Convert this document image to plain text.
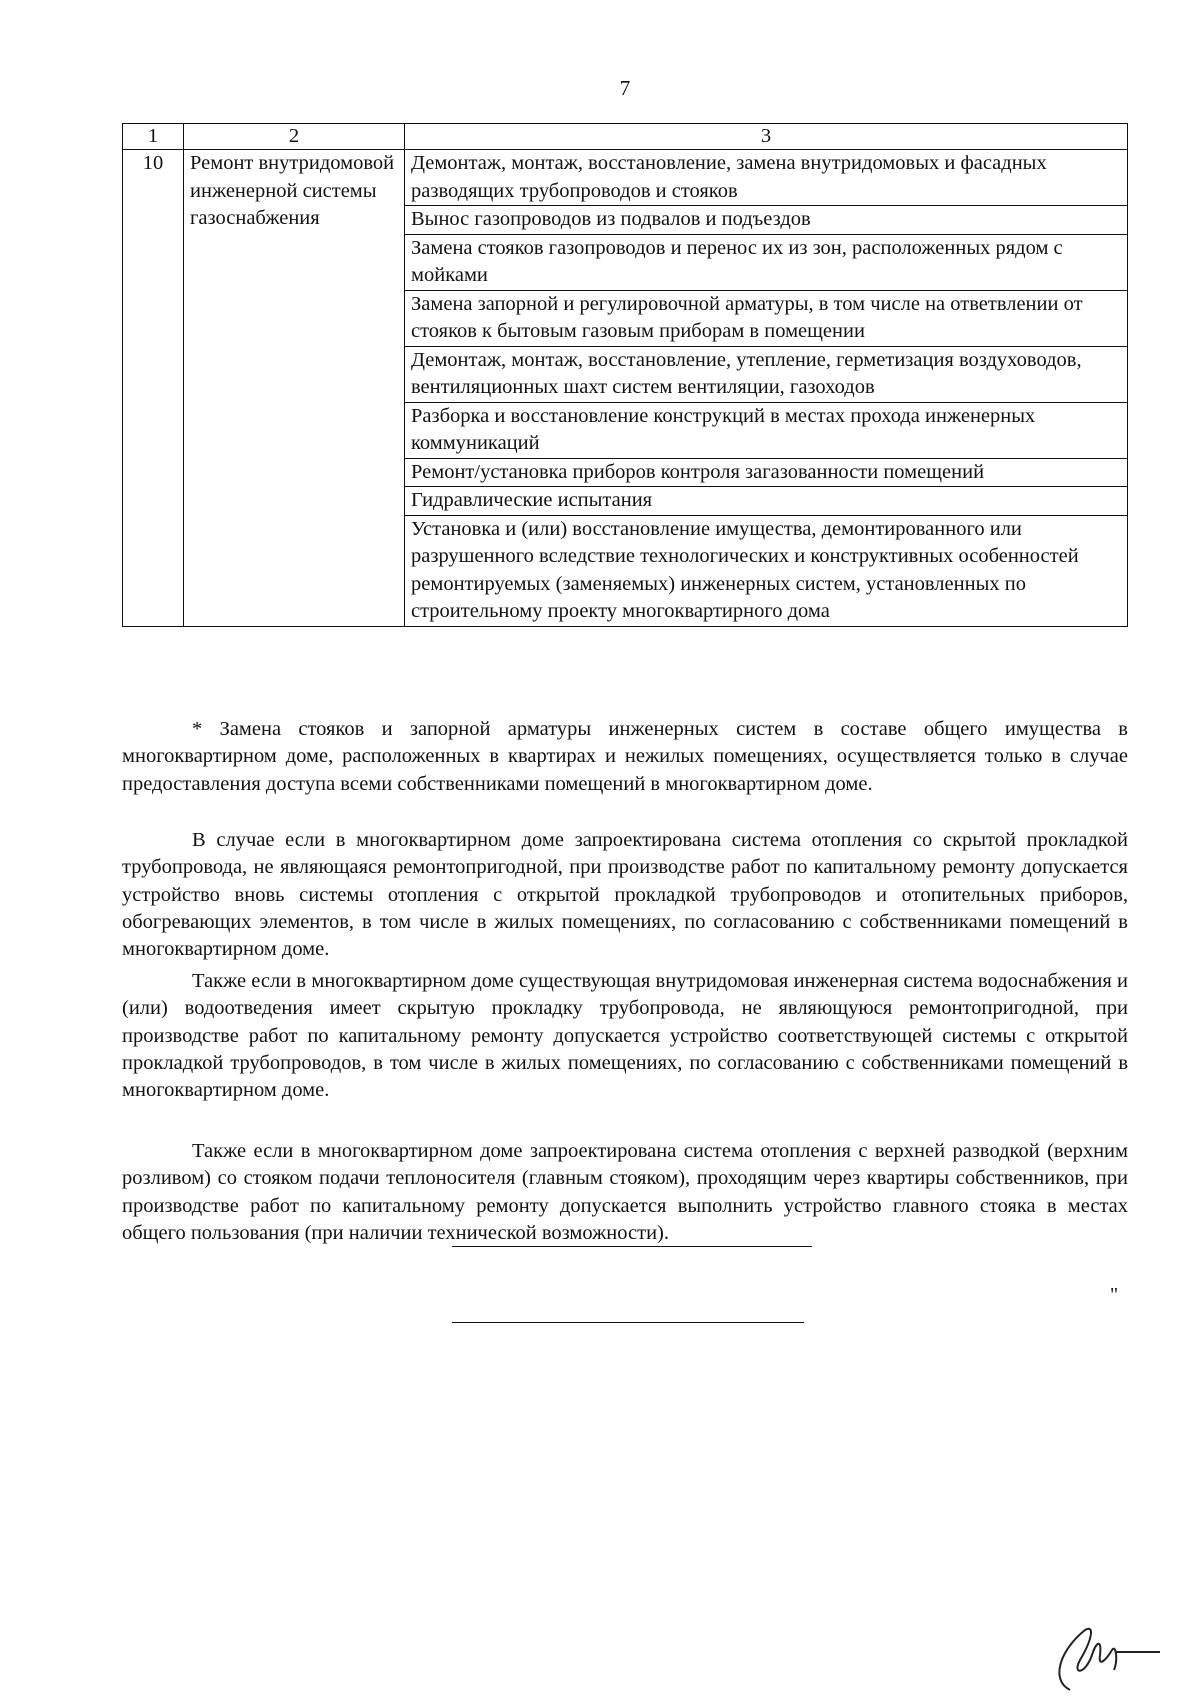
7
1	2	3
10	Ремонт внутридомовой инженерной системы газоснабжения	Демонтаж, монтаж, восстановление, замена внутридомовых и фасадных разводящих трубопроводов и стояков
		Вынос газопроводов из подвалов и подъездов
		Замена стояков газопроводов и перенос их из зон, расположенных рядом с мойками
		Замена запорной и регулировочной арматуры, в том числе на ответвлении от стояков к бытовым газовым приборам в помещении
		Демонтаж, монтаж, восстановление, утепление, герметизация воздуховодов, вентиляционных шахт систем вентиляции, газоходов
		Разборка и восстановление конструкций в местах прохода инженерных коммуникаций
		Ремонт/установка приборов контроля загазованности помещений
		Гидравлические испытания
		Установка и (или) восстановление имущества, демонтированного или разрушенного вследствие технологических и конструктивных особенностей ремонтируемых (заменяемых) инженерных систем, установленных по строительному проекту многоквартирного дома
* Замена стояков и запорной арматуры инженерных систем в составе общего имущества в многоквартирном доме, расположенных в квартирах и нежилых помещениях, осуществляется только в случае предоставления доступа всеми собственниками помещений в многоквартирном доме.
В случае если в многоквартирном доме запроектирована система отопления со скрытой прокладкой трубопровода, не являющаяся ремонтопригодной, при производстве работ по капитальному ремонту допускается устройство вновь системы отопления с открытой прокладкой трубопроводов и отопительных приборов, обогревающих элементов, в том числе в жилых помещениях, по согласованию с собственниками помещений в многоквартирном доме.
Также если в многоквартирном доме существующая внутридомовая инженерная система водоснабжения и (или) водоотведения имеет скрытую прокладку трубопровода, не являющуюся ремонтопригодной, при производстве работ по капитальному ремонту допускается устройство соответствующей системы с открытой прокладкой трубопроводов, в том числе в жилых помещениях, по согласованию с собственниками помещений в многоквартирном доме.
Также если в многоквартирном доме запроектирована система отопления с верхней разводкой (верхним розливом) со стояком подачи теплоносителя (главным стояком), проходящим через квартиры собственников, при производстве работ по капитальному ремонту допускается выполнить устройство главного стояка в местах общего пользования (при наличии технической возможности).
"
